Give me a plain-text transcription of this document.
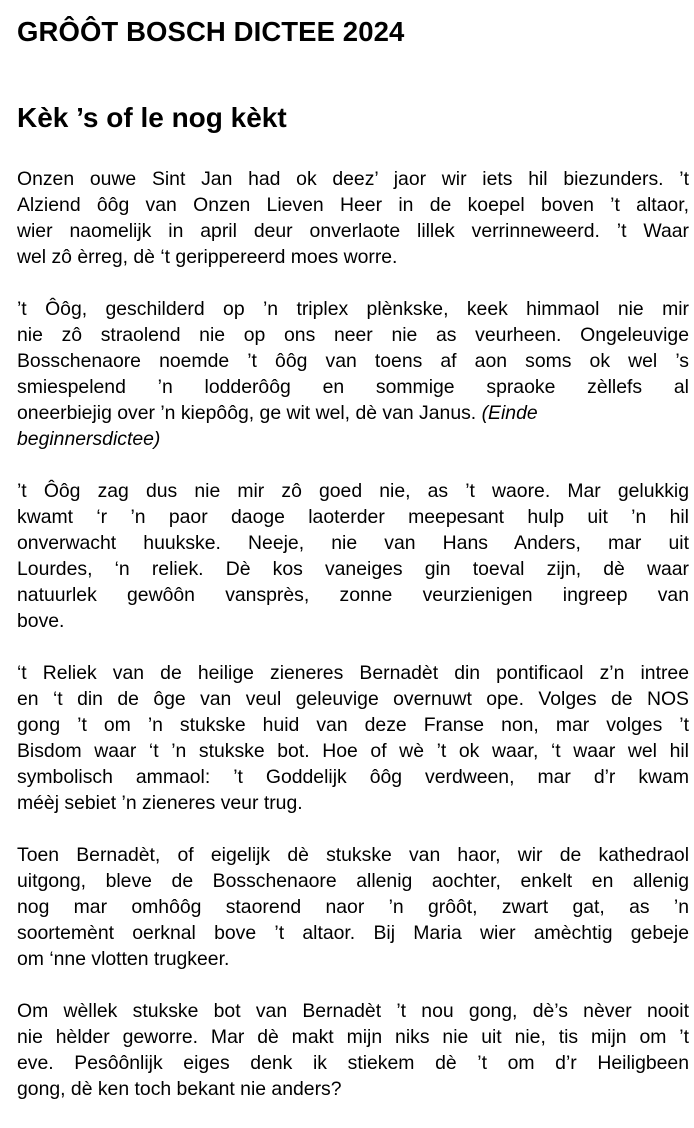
GRÔÔT BOSCH DICTEE 2024
Kèk ’s of le nog kèkt

Onzen ouwe Sint Jan had ok deez’ jaor wir iets hil biezunders. ’t
Alziend ôôg van Onzen Lieven Heer in de koepel boven ’t altaor,
wier naomelijk in april deur onverlaote lillek verrinneweerd. ’t Waar
wel zô èrreg, dè ‘t gerippereerd moes worre.

’t Ôôg, geschilderd op ’n triplex plènkske, keek himmaol nie mir
nie zô straolend nie op ons neer nie as veurheen. Ongeleuvige
Bosschenaore noemde ’t ôôg van toens af aon soms ok wel ’s
smiespelend ’n lodderôôg en sommige spraoke zèllefs al
oneerbiejig over ’n kiepôôg, ge wit wel, dè van Janus. (Einde
beginnersdictee)

’t Ôôg zag dus nie mir zô goed nie, as ’t waore. Mar gelukkig
kwamt ‘r ’n paor daoge laoterder meepesant hulp uit ’n hil
onverwacht huukske. Neeje, nie van Hans Anders, mar uit
Lourdes, ‘n reliek. Dè kos vaneiges gin toeval zijn, dè waar
natuurlek gewôôn vansprès, zonne veurzienigen ingreep van
bove.

‘t Reliek van de heilige zieneres Bernadèt din pontificaol z’n intree
en ‘t din de ôge van veul geleuvige overnuwt ope. Volges de NOS
gong ’t om ’n stukske huid van deze Franse non, mar volges ’t
Bisdom waar ‘t ’n stukske bot. Hoe of wè ’t ok waar, ‘t waar wel hil
symbolisch ammaol: ’t Goddelijk ôôg verdween, mar d’r kwam
méèj sebiet ’n zieneres veur trug.

Toen Bernadèt, of eigelijk dè stukske van haor, wir de kathedraol
uitgong, bleve de Bosschenaore allenig aochter, enkelt en allenig
nog mar omhôôg staorend naor ’n grôôt, zwart gat, as ’n
soortemènt oerknal bove ’t altaor. Bij Maria wier amèchtig gebeje
om ‘nne vlotten trugkeer.

Om wèllek stukske bot van Bernadèt ’t nou gong, dè’s nèver nooit
nie hèlder geworre. Mar dè makt mijn niks nie uit nie, tis mijn om ’t
eve. Pesôônlijk eiges denk ik stiekem dè ’t om d’r Heiligbeen
gong, dè ken toch bekant nie anders?
